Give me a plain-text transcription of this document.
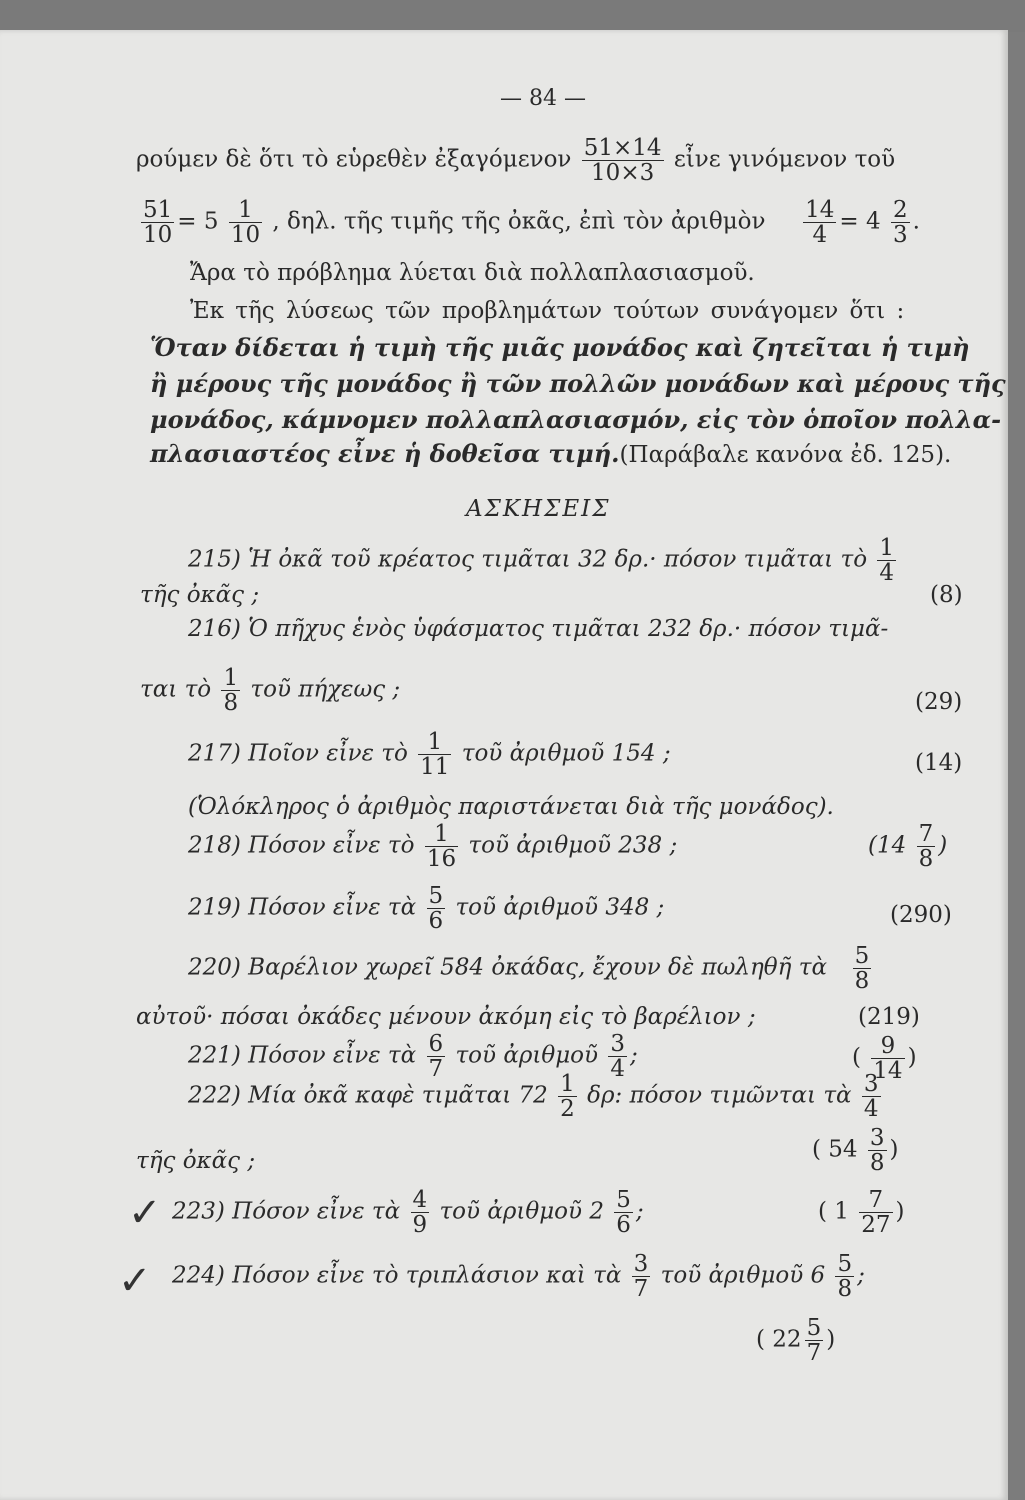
— 84 —
ρούμεν δὲ ὅτι τὸ εὑρεθὲν ἐξαγόμενον $\frac{51\times 14}{10\times 3}$ εἶνε γινόμενον τοῦ
$\frac{51}{10} = 5 \frac{1}{10}$ , δηλ. τῆς τιμῆς τῆς ὀκᾶς, ἐπὶ τὸν ἀριθμὸν $\frac{14}{4} = 4 \frac{2}{3}$ .
Ἄρα τὸ πρόβλημα λύεται διὰ πολλαπλασιασμοῦ.
Ἐκ τῆς λύσεως τῶν προβλημάτων τούτων συνάγομεν ὅτι :
Ὅταν δίδεται ἡ τιμὴ τῆς μιᾶς μονάδος καὶ ζητεῖται ἡ τιμὴ
ἢ μέρους τῆς μονάδος ἢ τῶν πολλῶν μονάδων καὶ μέρους τῆς
μονάδος, κάμνομεν πολλαπλασιασμόν, εἰς τὸν ὁποῖον πολλα-
πλασιαστέος εἶνε ἡ δοθεῖσα τιμή.(Παράβαλε κανόνα ἐδ. 125).
ΑΣΚΗΣΕΙΣ
215) Ἡ ὀκᾶ τοῦ κρέατος τιμᾶται 32 δρ.· πόσον τιμᾶται τὸ $\frac{1}{4}$
τῆς ὀκᾶς ;	(8)
216) Ὁ πῆχυς ἑνὸς ὑφάσματος τιμᾶται 232 δρ.· πόσον τιμᾶ-
ται τὸ $\frac{1}{8}$ τοῦ πήχεως ;	(29)
217) Ποῖον εἶνε τὸ $\frac{1}{11}$ τοῦ ἀριθμοῦ 154 ;	(14)
(Ὁλόκληρος ὁ ἀριθμὸς παριστάνεται διὰ τῆς μονάδος).
218) Πόσον εἶνε τὸ $\frac{1}{16}$ τοῦ ἀριθμοῦ 238 ;	($14 \frac{7}{8}$ )
219) Πόσον εἶνε τὰ $\frac{5}{6}$ τοῦ ἀριθμοῦ 348 ;	(290)
220) Βαρέλιον χωρεῖ 584 ὀκάδας, ἔχουν δὲ πωληθῆ τὰ $\frac{5}{8}$
αὐτοῦ· πόσαι ὀκάδες μένουν ἀκόμη εἰς τὸ βαρέλιον ;	(219)
221) Πόσον εἶνε τὰ $\frac{6}{7}$ τοῦ ἀριθμοῦ $\frac{3}{4}$ ;	( $\frac{9}{14}$ )
222) Μία ὀκᾶ καφὲ τιμᾶται $72 \frac{1}{2} \delta\rho$: πόσον τιμῶνται τὰ $\frac{3}{4}$
τῆς ὀκᾶς ;	( $54 \frac{3}{8}$ )
✓ 223) Πόσον εἶνε τὰ $\frac{4}{9}$ τοῦ ἀριθμοῦ $2 \frac{5}{6}$ ;	( $1 \frac{7}{27}$ )
✓ 224) Πόσον εἶνε τὸ τριπλάσιον καὶ τὰ $\frac{3}{7}$ τοῦ ἀριθμοῦ $6 \frac{5}{8}$ ;
( $22 \frac{5}{7}$ )
